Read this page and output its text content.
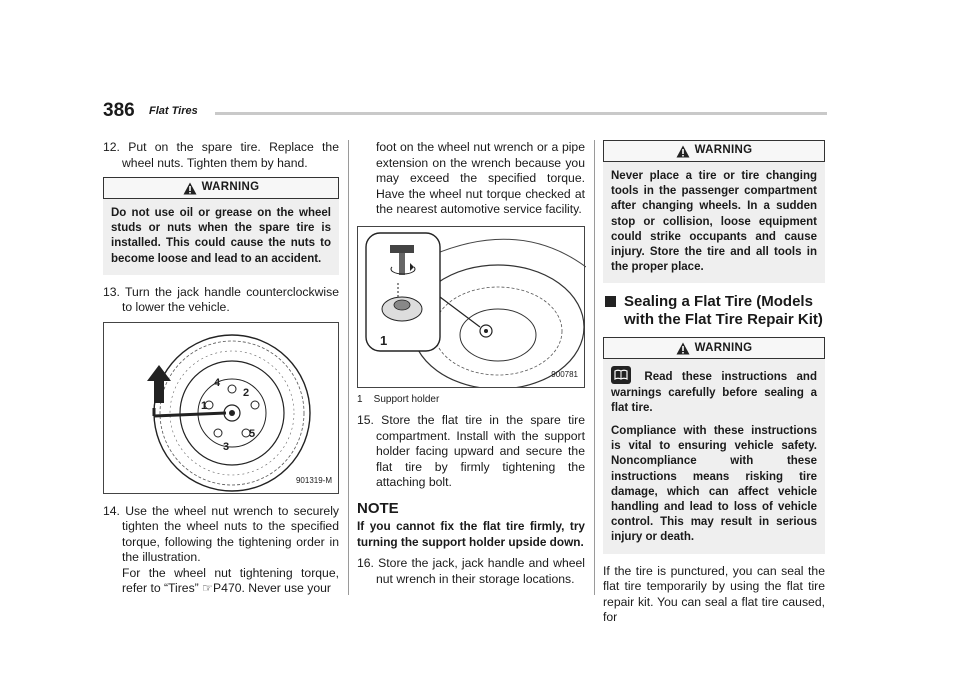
386 Flat Tires

12. Put on the spare tire. Replace the wheel nuts. Tighten them by hand.

WARNING
Do not use oil or grease on the wheel studs or nuts when the spare tire is installed. This could cause the nuts to become loose and lead to an accident.

13. Turn the jack handle counterclockwise to lower the vehicle.

1
2
3
4
5
901319-M

14. Use the wheel nut wrench to securely tighten the wheel nuts to the specified torque, following the tightening order in the illustration.

For the wheel nut tightening torque, refer to “Tires” ☞P470. Never use your

foot on the wheel nut wrench or a pipe extension on the wrench because you may exceed the specified torque. Have the wheel nut torque checked at the nearest automotive service facility.

1
900781

1    Support holder

15. Store the flat tire in the spare tire compartment. Install with the support holder facing upward and secure the flat tire by firmly tightening the attaching bolt.

NOTE

If you cannot fix the flat tire firmly, try turning the support holder upside down.

16. Store the jack, jack handle and wheel nut wrench in their storage locations.

WARNING
Never place a tire or tire changing tools in the passenger compartment after changing wheels. In a sudden stop or collision, loose equipment could strike occupants and cause injury. Store the tire and all tools in the proper place.
Sealing a Flat Tire (Models with the Flat Tire Repair Kit)
WARNING
Read these instructions and warnings carefully before sealing a flat tire.

Compliance with these instructions is vital to ensuring vehicle safety. Noncompliance with these instructions means risking tire damage, which can affect vehicle handling and lead to loss of vehicle control. This may result in serious injury or death.

If the tire is punctured, you can seal the flat tire temporarily by using the flat tire repair kit. You can seal a flat tire caused, for
